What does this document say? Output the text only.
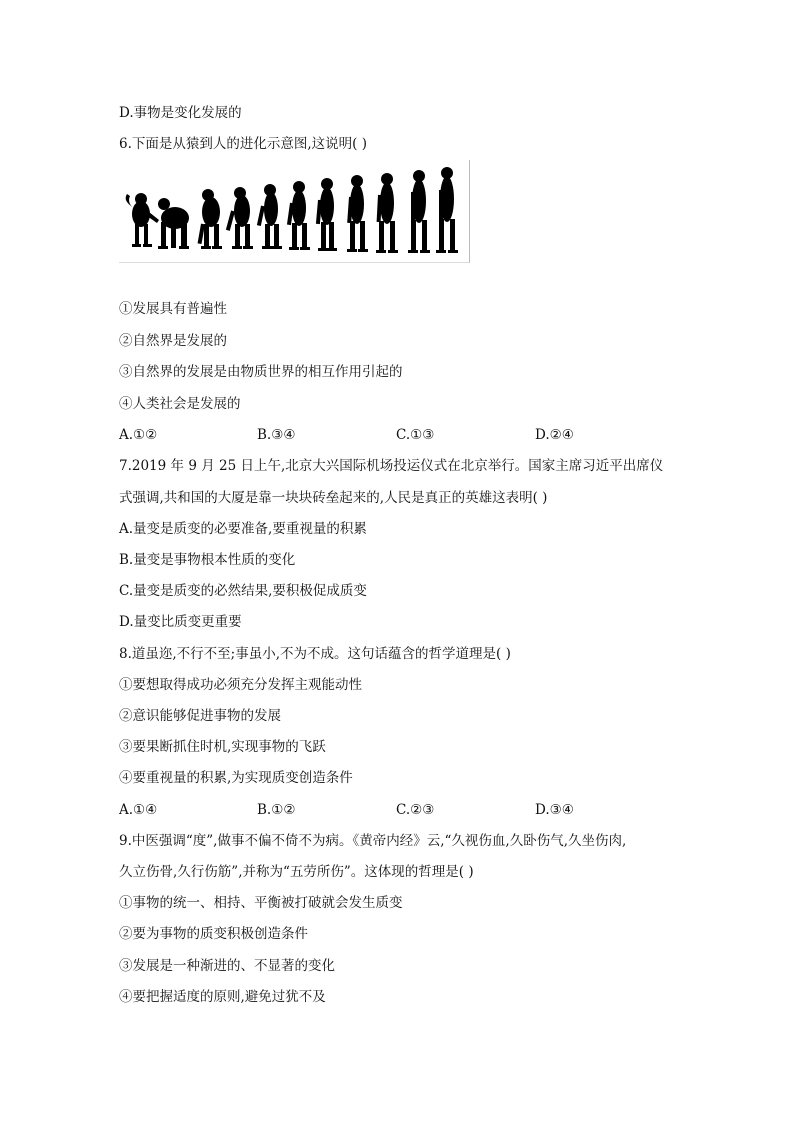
D.事物是变化发展的
6.下面是从猿到人的进化示意图,这说明( )
①发展具有普遍性
②自然界是发展的
③自然界的发展是由物质世界的相互作用引起的
④人类社会是发展的
A.①②	B.③④	C.①③	D.②④
7.2019 年 9 月 25 日上午,北京大兴国际机场投运仪式在北京举行。国家主席习近平出席仪
式强调,共和国的大厦是靠一块块砖垒起来的,人民是真正的英雄这表明( )
A.量变是质变的必要准备,要重视量的积累
B.量变是事物根本性质的变化
C.量变是质变的必然结果,要积极促成质变
D.量变比质变更重要
8.道虽迩,不行不至;事虽小,不为不成。这句话蕴含的哲学道理是( )
①要想取得成功必须充分发挥主观能动性
②意识能够促进事物的发展
③要果断抓住时机,实现事物的飞跃
④要重视量的积累,为实现质变创造条件
A.①④	B.①②	C.②③	D.③④
9.中医强调“度”,做事不偏不倚不为病。《黄帝内经》云,“久视伤血,久卧伤气,久坐伤肉,
久立伤骨,久行伤筋”,并称为“五劳所伤”。这体现的哲理是( )
①事物的统一、相持、平衡被打破就会发生质变
②要为事物的质变积极创造条件
③发展是一种渐进的、不显著的变化
④要把握适度的原则,避免过犹不及
